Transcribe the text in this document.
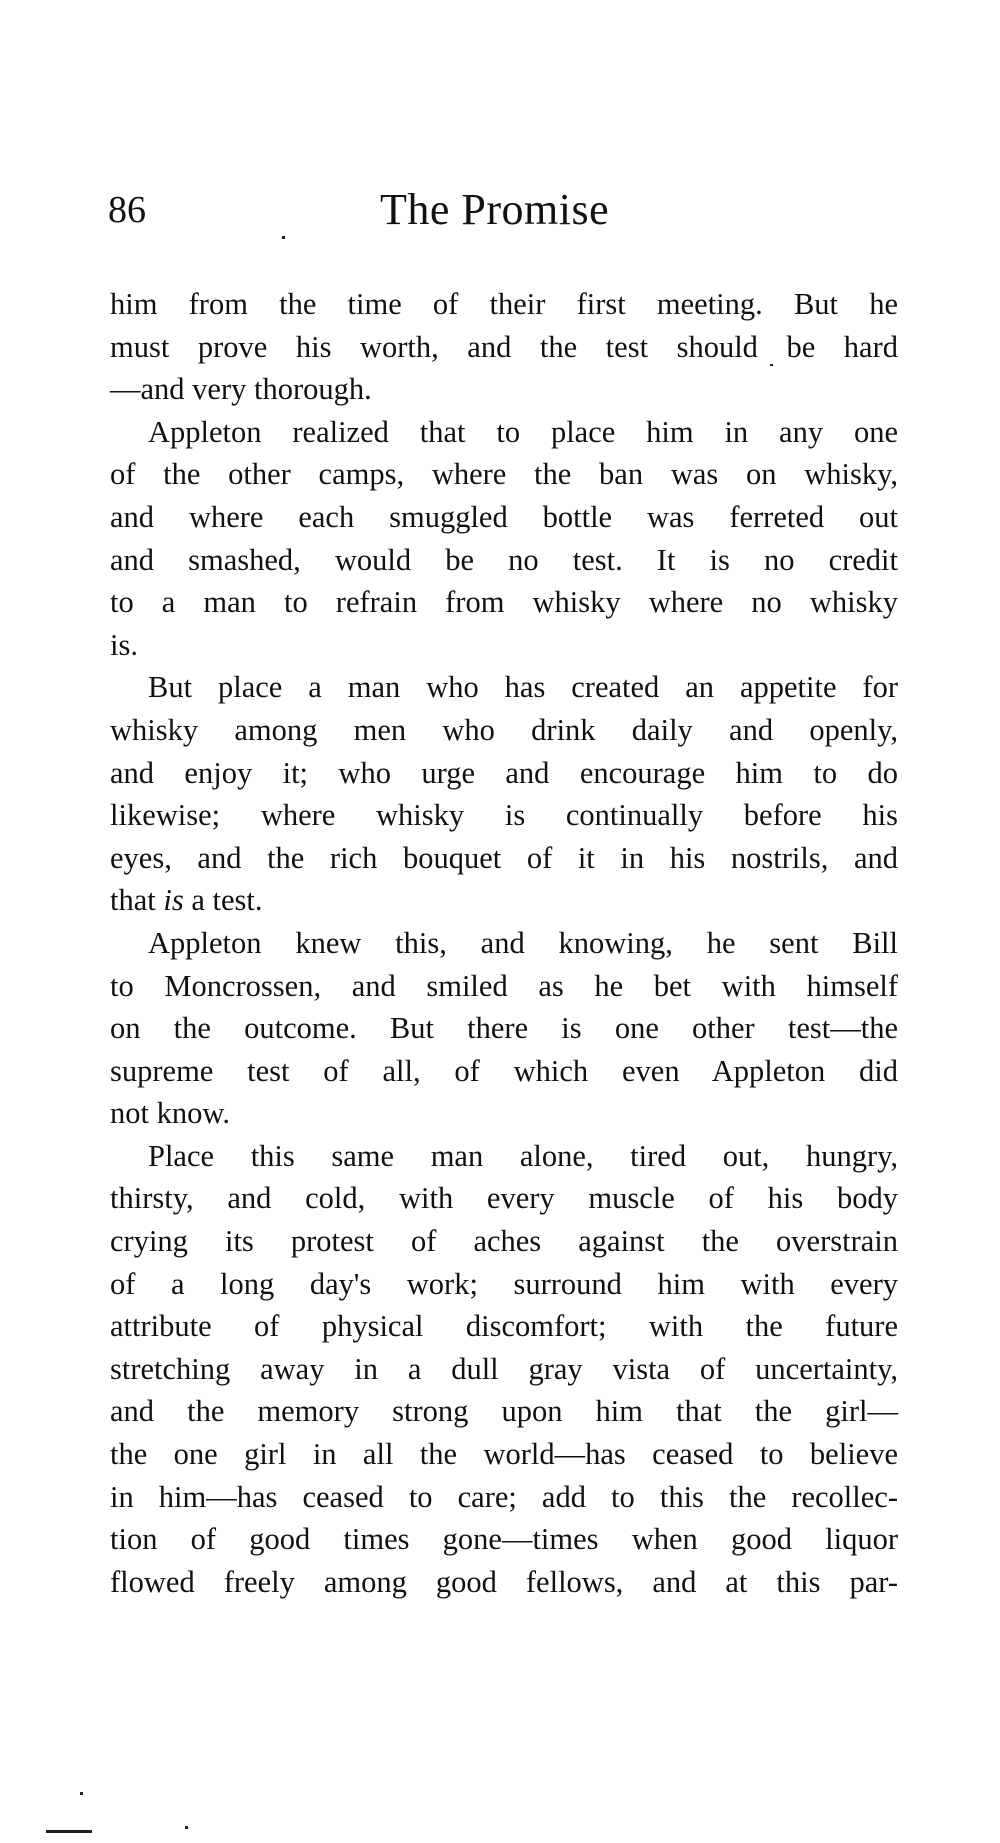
86	The Promise

him from the time of their first meeting. But he
must prove his worth, and the test should be hard
—and very thorough.

Appleton realized that to place him in any one
of the other camps, where the ban was on whisky,
and where each smuggled bottle was ferreted out
and smashed, would be no test. It is no credit
to a man to refrain from whisky where no whisky
is.

But place a man who has created an appetite for
whisky among men who drink daily and openly,
and enjoy it; who urge and encourage him to do
likewise; where whisky is continually before his
eyes, and the rich bouquet of it in his nostrils, and
that is a test.

Appleton knew this, and knowing, he sent Bill
to Moncrossen, and smiled as he bet with himself
on the outcome. But there is one other test—the
supreme test of all, of which even Appleton did
not know.

Place this same man alone, tired out, hungry,
thirsty, and cold, with every muscle of his body
crying its protest of aches against the overstrain
of a long day's work; surround him with every
attribute of physical discomfort; with the future
stretching away in a dull gray vista of uncertainty,
and the memory strong upon him that the girl—
the one girl in all the world—has ceased to believe
in him—has ceased to care; add to this the recollec-
tion of good times gone—times when good liquor
flowed freely among good fellows, and at this par-
